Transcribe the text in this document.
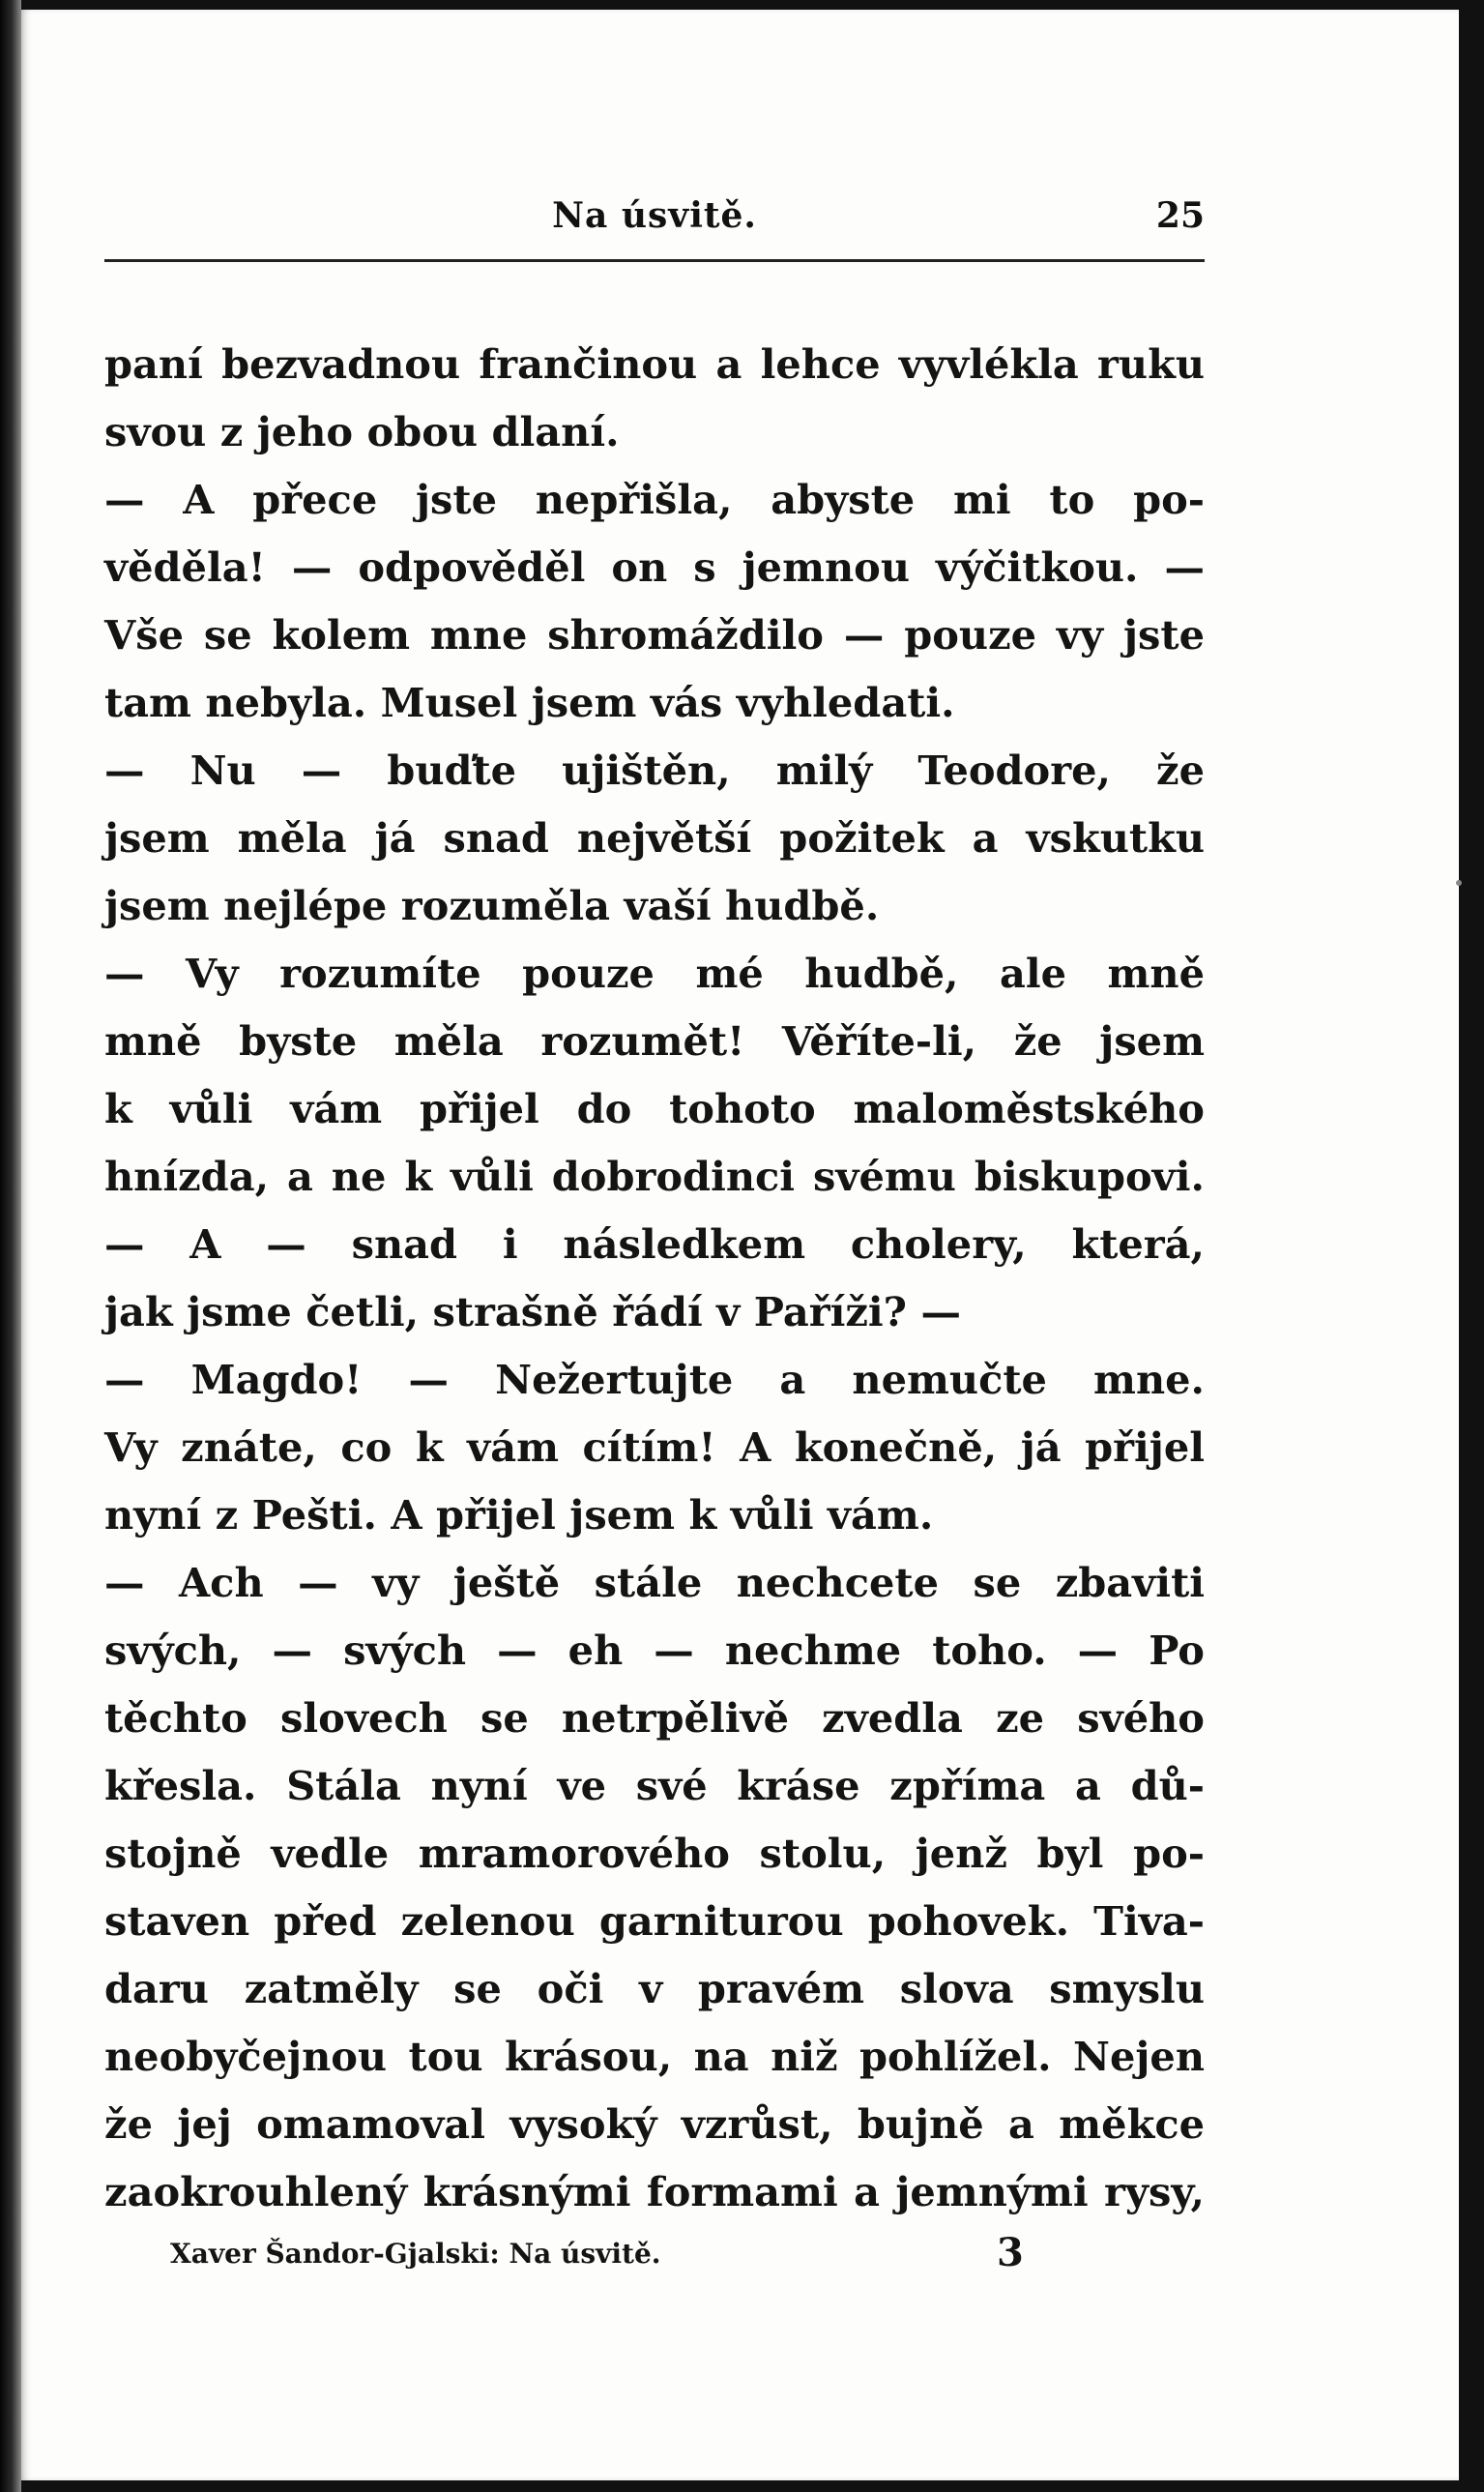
Na úsvitě.	25
paní bezvadnou frančinou a lehce vyvlékla ruku
svou z jeho obou dlaní.
— A přece jste nepřišla, abyste mi to po-
věděla! — odpověděl on s jemnou výčitkou. —
Vše se kolem mne shromáždilo — pouze vy jste
tam nebyla. Musel jsem vás vyhledati.
— Nu — buďte ujištěn, milý Teodore, že
jsem měla já snad největší požitek a vskutku
jsem nejlépe rozuměla vaší hudbě.
— Vy rozumíte pouze mé hudbě, ale mně
mně byste měla rozumět! Věříte-li, že jsem
k vůli vám přijel do tohoto maloměstského
hnízda, a ne k vůli dobrodinci svému biskupovi.
— A — snad i následkem cholery, která,
jak jsme četli, strašně řádí v Paříži? —
— Magdo! — Nežertujte a nemučte mne.
Vy znáte, co k vám cítím! A konečně, já přijel
nyní z Pešti. A přijel jsem k vůli vám.
— Ach — vy ještě stále nechcete se zbaviti
svých, — svých — eh — nechme toho. — Po
těchto slovech se netrpělivě zvedla ze svého
křesla. Stála nyní ve své kráse zpříma a dů-
stojně vedle mramorového stolu, jenž byl po-
staven před zelenou garniturou pohovek. Tiva-
daru zatměly se oči v pravém slova smyslu
neobyčejnou tou krásou, na niž pohlížel. Nejen
že jej omamoval vysoký vzrůst, bujně a měkce
zaokrouhlený krásnými formami a jemnými rysy,
Xaver Šandor-Gjalski: Na úsvitě.	3
